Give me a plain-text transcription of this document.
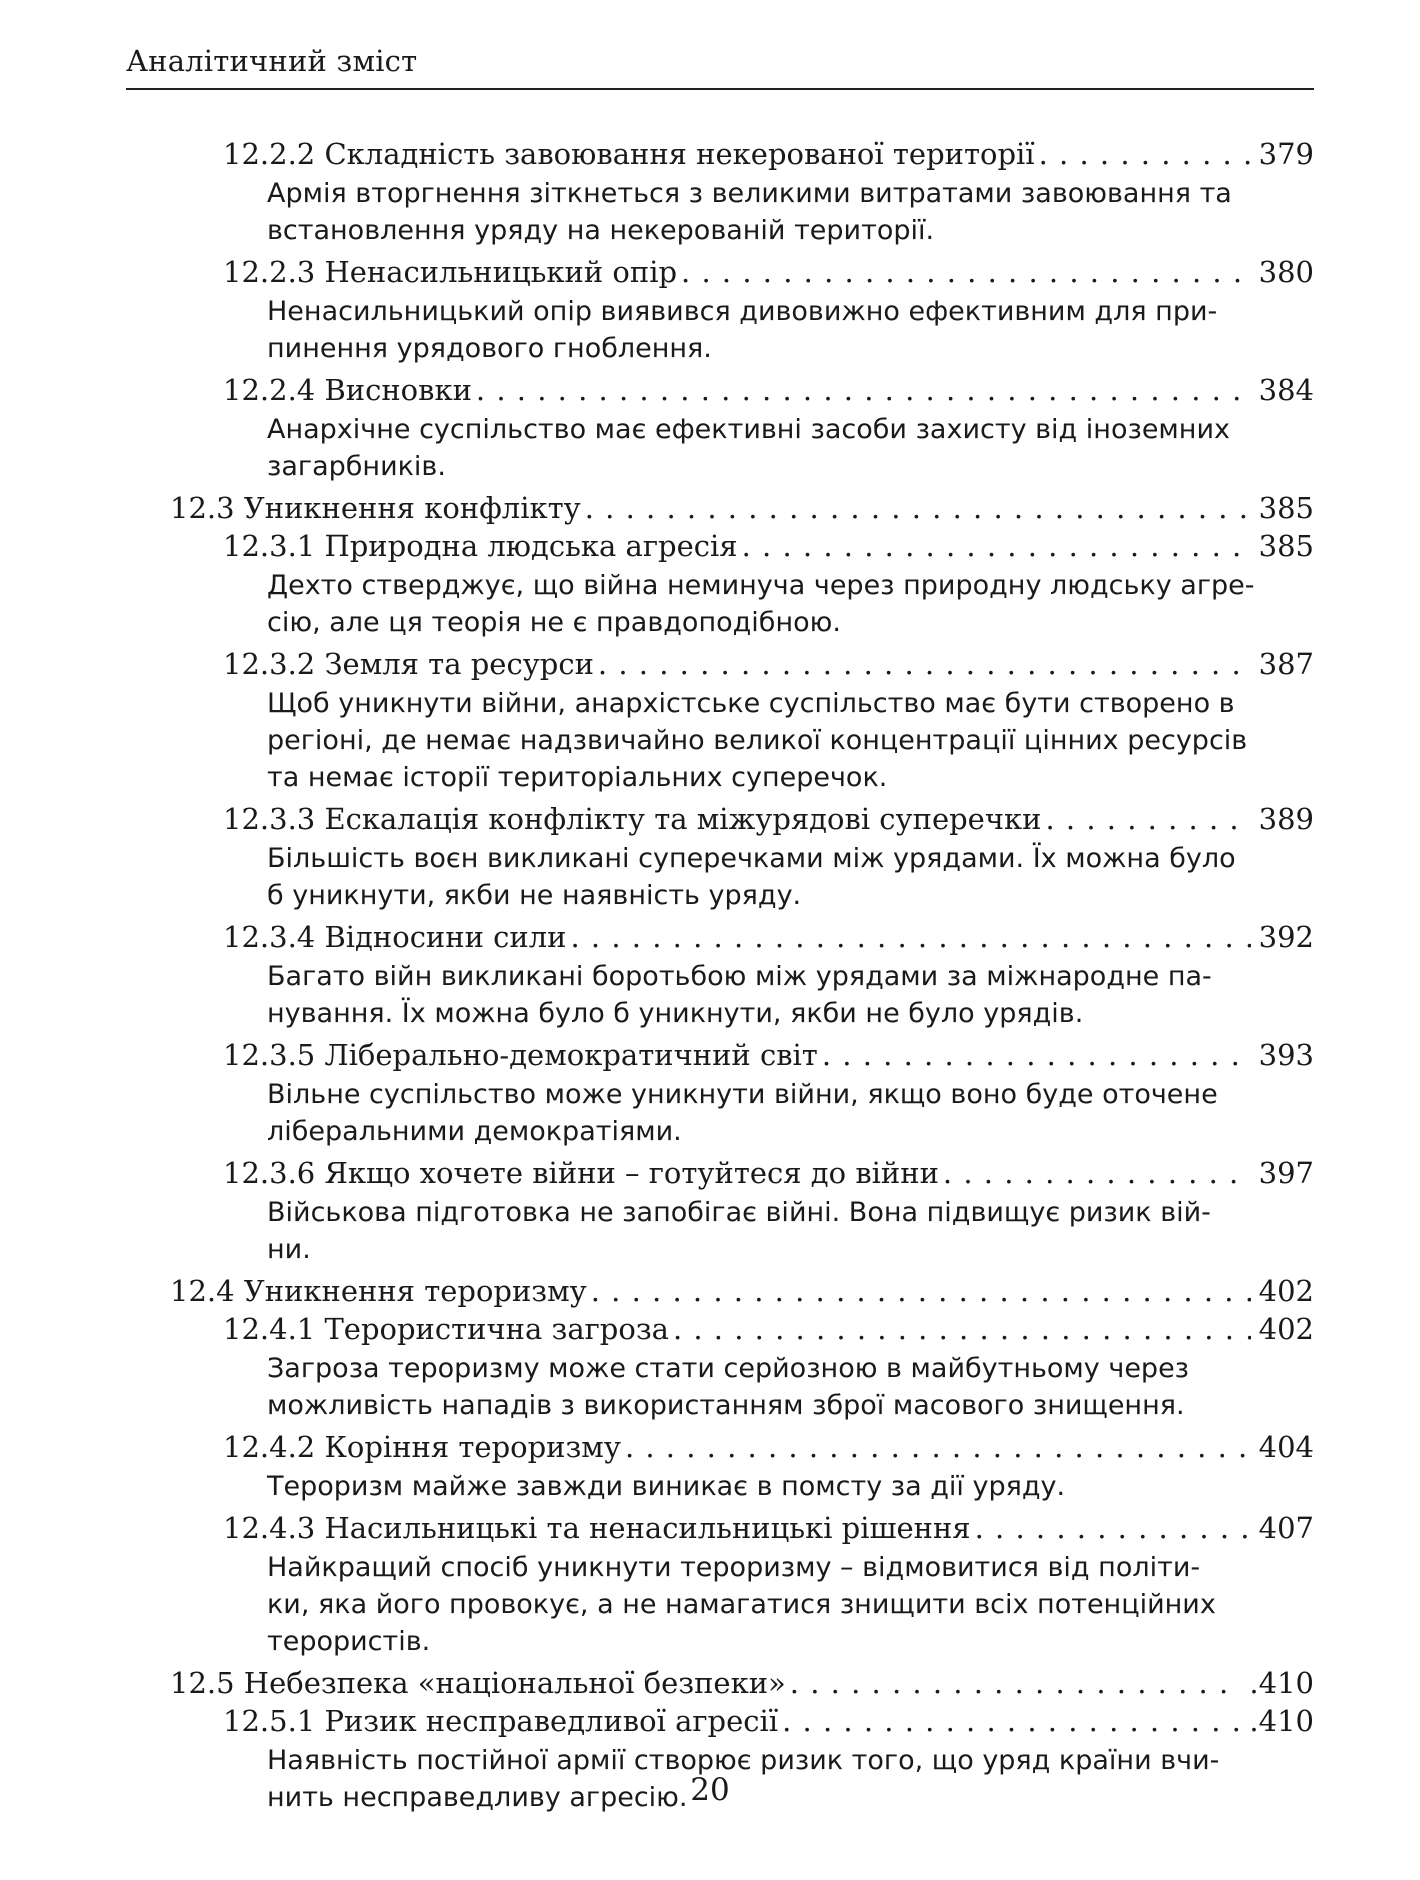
Аналітичний зміст
12.2.2 Складність завоювання некерованої території . . .	379
Армія вторгнення зіткнеться з великими витратами завоювання та
встановлення уряду на некерованій території.
12.2.3 Ненасильницький опір . . .	380
Ненасильницький опір виявився дивовижно ефективним для при-
пинення урядового гноблення.
12.2.4 Висновки . . .	384
Анархічне суспільство має ефективні засоби захисту від іноземних
загарбників.
12.3 Уникнення конфлікту . . .	385
12.3.1 Природна людська агресія . . .	385
Дехто стверджує, що війна неминуча через природну людську агре-
сію, але ця теорія не є правдоподібною.
12.3.2 Земля та ресурси . . .	387
Щоб уникнути війни, анархістське суспільство має бути створено в
регіоні, де немає надзвичайно великої концентрації цінних ресурсів
та немає історії територіальних суперечок.
12.3.3 Ескалація конфлікту та міжурядові суперечки . . .	389
Більшість воєн викликані суперечками між урядами. Їх можна було
б уникнути, якби не наявність уряду.
12.3.4 Відносини сили . . .	392
Багато війн викликані боротьбою між урядами за міжнародне па-
нування. Їх можна було б уникнути, якби не було урядів.
12.3.5 Ліберально-демократичний світ . . .	393
Вільне суспільство може уникнути війни, якщо воно буде оточене
ліберальними демократіями.
12.3.6 Якщо хочете війни – готуйтеся до війни . . .	397
Військова підготовка не запобігає війні. Вона підвищує ризик вій-
ни.
12.4 Уникнення тероризму . . .	402
12.4.1 Терористична загроза . . .	402
Загроза тероризму може стати серйозною в майбутньому через
можливість нападів з використанням зброї масового знищення.
12.4.2 Коріння тероризму . . .	404
Тероризм майже завжди виникає в помсту за дії уряду.
12.4.3 Насильницькі та ненасильницькі рішення . . .	407
Найкращий спосіб уникнути тероризму – відмовитися від політи-
ки, яка його провокує, а не намагатися знищити всіх потенційних
терористів.
12.5 Небезпека «національної безпеки» . . .	.410
12.5.1 Ризик несправедливої агресії . . .	.410
Наявність постійної армії створює ризик того, що уряд країни вчи-
нить несправедливу агресію. 20
